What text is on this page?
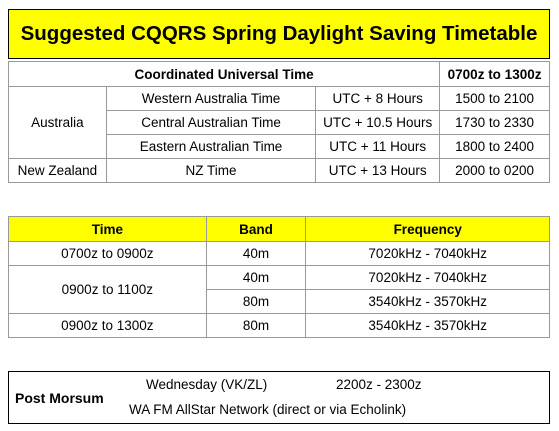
Suggested CQQRS Spring Daylight Saving Timetable
Coordinated Universal Time			0700z to 1300z
Australia	Western Australia Time	UTC + 8 Hours	1500 to 2100
	Central Australian Time	UTC + 10.5 Hours	1730 to 2330
	Eastern Australian Time	UTC + 11 Hours	1800 to 2400
New Zealand	NZ Time	UTC + 13 Hours	2000 to 0200
Time	Band	Frequency
0700z to 0900z	40m	7020kHz - 7040kHz
0900z to 1100z	40m	7020kHz - 7040kHz
	80m	3540kHz - 3570kHz
0900z to 1300z	80m	3540kHz - 3570kHz
Post Morsum
Wednesday (VK/ZL)	2200z - 2300z
WA FM AllStar Network (direct or via Echolink)
